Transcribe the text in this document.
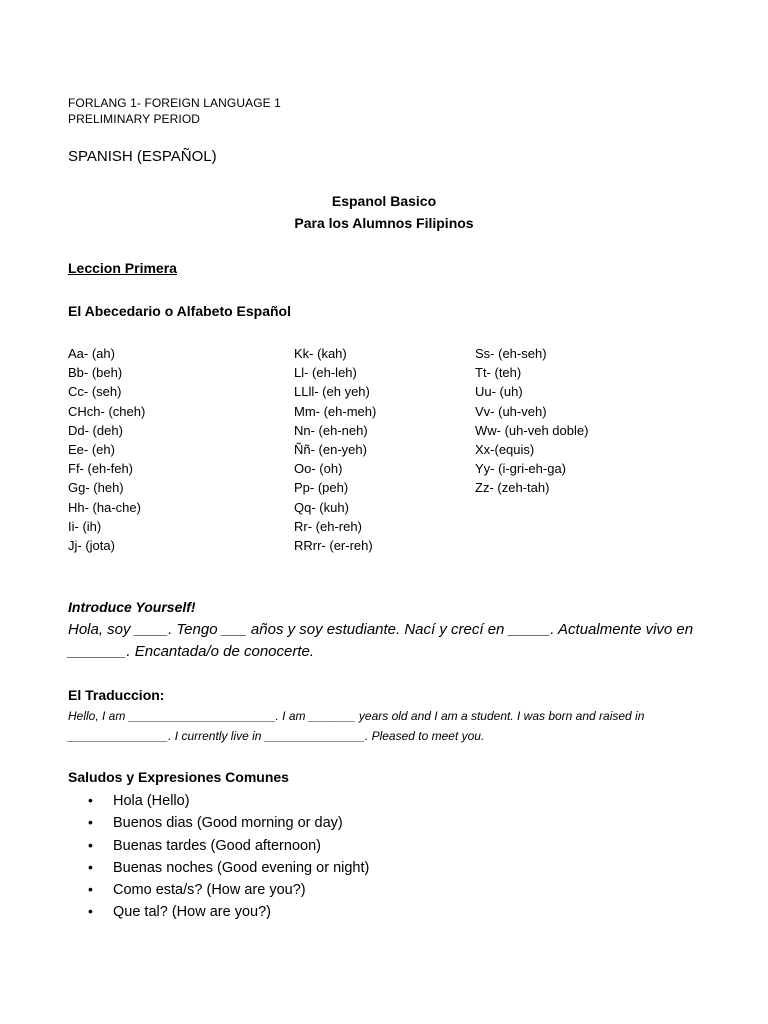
FORLANG 1- FOREIGN LANGUAGE 1
PRELIMINARY PERIOD
SPANISH (ESPAÑOL)
Espanol Basico
Para los Alumnos Filipinos
Leccion Primera
El Abecedario o Alfabeto Español
Aa- (ah)
Bb- (beh)
Cc- (seh)
CHch- (cheh)
Dd- (deh)
Ee- (eh)
Ff- (eh-feh)
Gg- (heh)
Hh- (ha-che)
Ii- (ih)
Jj- (jota)
Kk- (kah)
Ll- (eh-leh)
LLll- (eh yeh)
Mm- (eh-meh)
Nn- (eh-neh)
Ññ- (en-yeh)
Oo- (oh)
Pp- (peh)
Qq- (kuh)
Rr- (eh-reh)
RRrr- (er-reh)
Ss- (eh-seh)
Tt- (teh)
Uu- (uh)
Vv- (uh-veh)
Ww- (uh-veh doble)
Xx-(equis)
Yy- (i-gri-eh-ga)
Zz- (zeh-tah)
Introduce Yourself!
Hola, soy ____. Tengo ___ años y soy estudiante. Nací y crecí en _____. Actualmente vivo en _______. Encantada/o de conocerte.
El Traduccion:
Hello, I am ______________________. I am _______ years old and I am a student. I was born and raised in _______________. I currently live in _______________. Pleased to meet you.
Saludos y Expresiones Comunes
• Hola (Hello)
• Buenos dias (Good morning or day)
• Buenas tardes (Good afternoon)
• Buenas noches (Good evening or night)
• Como esta/s? (How are you?)
• Que tal? (How are you?)
